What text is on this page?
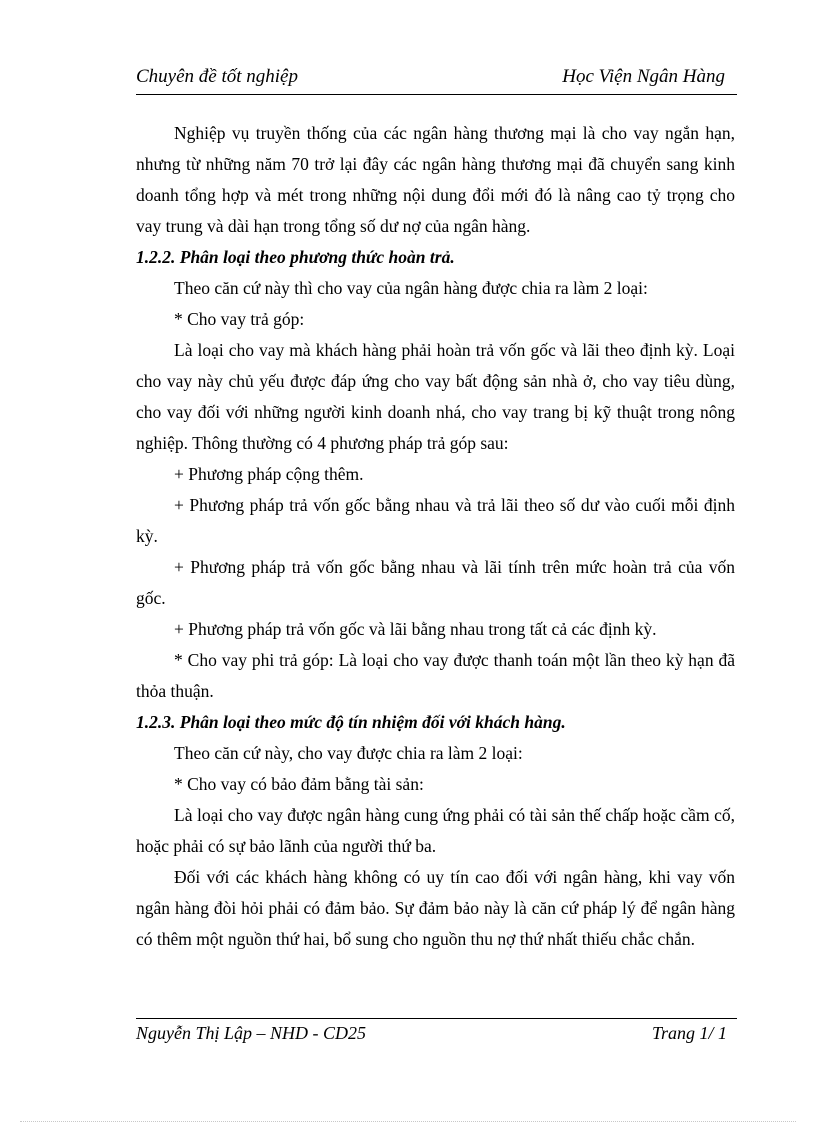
Chuyên đề tốt nghiệp	Học Viện Ngân Hàng

Nghiệp vụ truyền thống của các ngân hàng thương mại là cho vay ngắn hạn, nhưng từ những năm 70 trở lại đây các ngân hàng thương mại đã chuyển sang kinh doanh tổng hợp và mét trong những nội dung đổi mới đó là nâng cao tỷ trọng cho vay trung và dài hạn trong tổng số dư nợ của ngân hàng.

1.2.2. Phân loại theo phương thức hoàn trả.

Theo căn cứ này thì cho vay của ngân hàng được chia ra làm 2 loại:

* Cho vay trả góp:

Là loại cho vay mà khách hàng phải hoàn trả vốn gốc và lãi theo định kỳ. Loại cho vay này chủ yếu được đáp ứng cho vay bất động sản nhà ở, cho vay tiêu dùng, cho vay đối với những người kinh doanh nhá, cho vay trang bị kỹ thuật trong nông nghiệp. Thông thường có 4 phương pháp trả góp sau:

+ Phương pháp cộng thêm.

+ Phương pháp trả vốn gốc bằng nhau và trả lãi theo số dư vào cuối mỗi định kỳ.

+ Phương pháp trả vốn gốc bằng nhau và lãi tính trên mức hoàn trả của vốn gốc.

+ Phương pháp trả vốn gốc và lãi bằng nhau trong tất cả các định kỳ.

* Cho vay phi trả góp: Là loại cho vay được thanh toán một lần theo kỳ hạn đã thỏa thuận.

1.2.3. Phân loại theo mức độ tín nhiệm đối với khách hàng.

Theo căn cứ này, cho vay được chia ra làm 2 loại:

* Cho vay có bảo đảm bằng tài sản:

Là loại cho vay được ngân hàng cung ứng phải có tài sản thế chấp hoặc cầm cố, hoặc phải có sự bảo lãnh của người thứ ba.

Đối với các khách hàng không có uy tín cao đối với ngân hàng, khi vay vốn ngân hàng đòi hỏi phải có đảm bảo. Sự đảm bảo này là căn cứ pháp lý để ngân hàng có thêm một nguồn thứ hai, bổ sung cho nguồn thu nợ thứ nhất thiếu chắc chắn.

Nguyễn Thị Lập – NHD - CD25	Trang 1/ 1
